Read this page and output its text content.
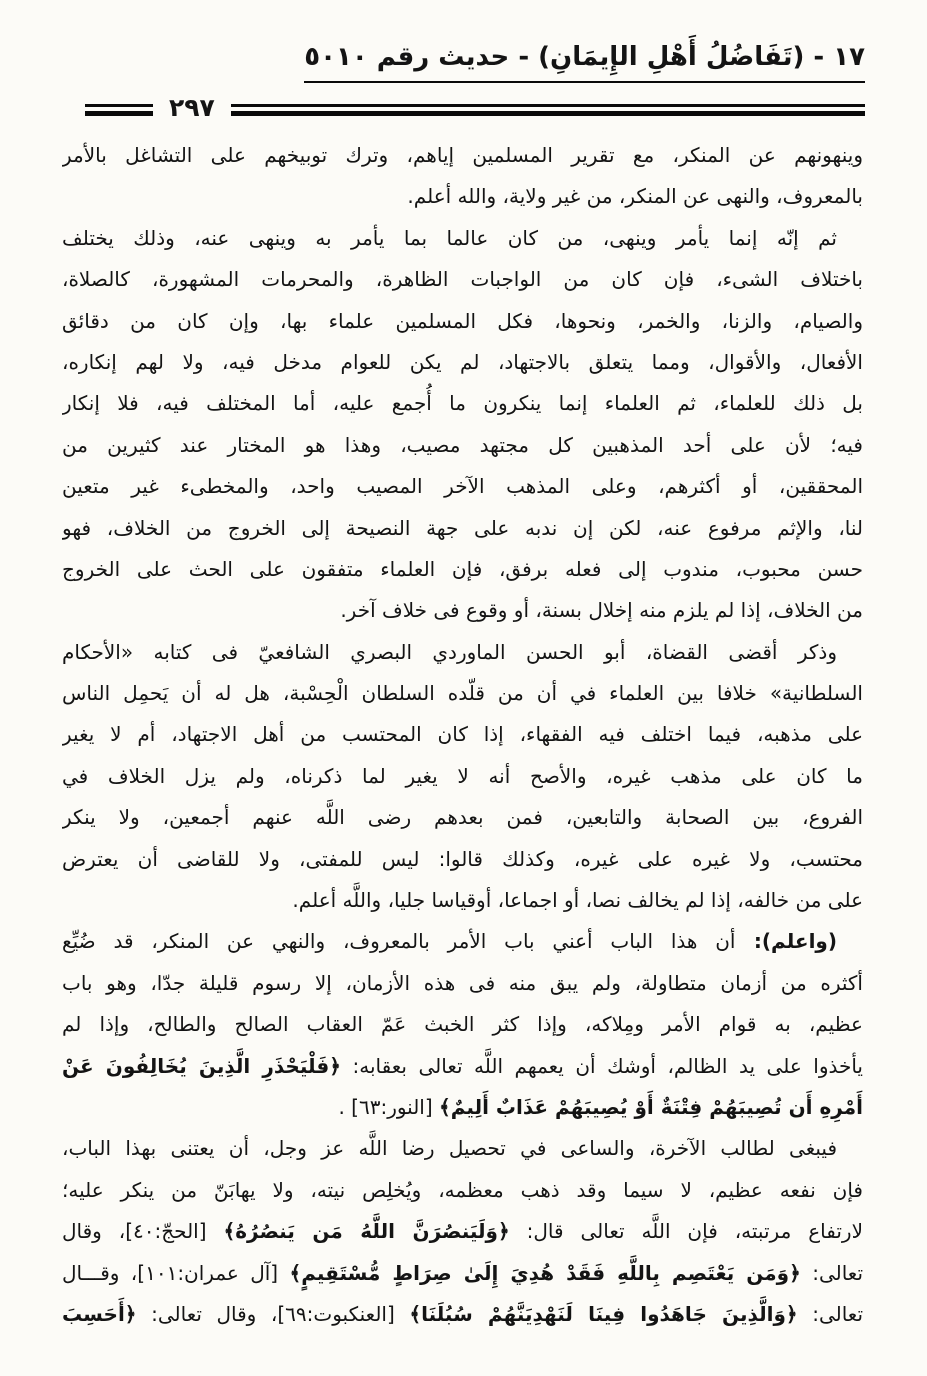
١٧ - (تَفَاضُلُ أَهْلِ الإِيمَانِ) - حديث رقم ٥٠١٠
٢٩٧
وينهونهم عن المنكر، مع تقرير المسلمين إياهم، وترك توبيخهم على التشاغل بالأمر
بالمعروف، والنهى عن المنكر، من غير ولاية، والله أعلم.
ثم إنّه إنما يأمر وينهى، من كان عالما بما يأمر به وينهى عنه، وذلك يختلف
باختلاف الشىء، فإن كان من الواجبات الظاهرة، والمحرمات المشهورة، كالصلاة،
والصيام، والزنا، والخمر، ونحوها، فكل المسلمين علماء بها، وإن كان من دقائق
الأفعال، والأقوال، ومما يتعلق بالاجتهاد، لم يكن للعوام مدخل فيه، ولا لهم إنكاره،
بل ذلك للعلماء، ثم العلماء إنما ينكرون ما أُجمع عليه، أما المختلف فيه، فلا إنكار
فيه؛ لأن على أحد المذهبين كل مجتهد مصيب، وهذا هو المختار عند كثيرين من
المحققين، أو أكثرهم، وعلى المذهب الآخر المصيب واحد، والمخطىء غير متعين
لنا، والإثم مرفوع عنه، لكن إن ندبه على جهة النصيحة إلى الخروج من الخلاف، فهو
حسن محبوب، مندوب إلى فعله برفق، فإن العلماء متفقون على الحث على الخروج
من الخلاف، إذا لم يلزم منه إخلال بسنة، أو وقوع فى خلاف آخر.
وذكر أقضى القضاة، أبو الحسن الماوردي البصري الشافعيّ فى كتابه «الأحكام
السلطانية» خلافا بين العلماء في أن من قلّده السلطان الْحِسْبة، هل له أن يَحمِل الناس
على مذهبه، فيما اختلف فيه الفقهاء، إذا كان المحتسب من أهل الاجتهاد، أم لا يغير
ما كان على مذهب غيره، والأصح أنه لا يغير لما ذكرناه، ولم يزل الخلاف في
الفروع، بين الصحابة والتابعين، فمن بعدهم رضى اللَّه عنهم أجمعين، ولا ينكر
محتسب، ولا غيره على غيره، وكذلك قالوا: ليس للمفتى، ولا للقاضى أن يعترض
على من خالفه، إذا لم يخالف نصا، أو اجماعا، أوقياسا جليا، واللَّه أعلم.
(واعلم): أن هذا الباب أعني باب الأمر بالمعروف، والنهي عن المنكر، قد ضُيِّع
أكثره من أزمان متطاولة، ولم يبق منه فى هذه الأزمان، إلا رسوم قليلة جدّا، وهو باب
عظيم، به قوام الأمر ومِلاكه، وإذا كثر الخبث عَمّ العقاب الصالح والطالح، وإذا لم
يأخذوا على يد الظالم، أوشك أن يعمهم اللَّه تعالى بعقابه: ﴿فَلْيَحْذَرِ الَّذِينَ يُخَالِفُونَ عَنْ
أَمْرِهِ أَن تُصِيبَهُمْ فِتْنَةٌ أَوْ يُصِيبَهُمْ عَذَابٌ أَلِيمٌ﴾ [النور:٦٣] .
فيبغى لطالب الآخرة، والساعى في تحصيل رضا اللَّه عز وجل، أن يعتنى بهذا الباب،
فإن نفعه عظيم، لا سيما وقد ذهب معظمه، ويُخلِص نيته، ولا يهابَنّ من ينكر عليه؛
لارتفاع مرتبته، فإن اللَّه تعالى قال: ﴿وَلَيَنصُرَنَّ اللَّهُ مَن يَنصُرُهُ﴾ [الحجّ:٤٠]، وقال
تعالى: ﴿وَمَن يَعْتَصِم بِاللَّهِ فَقَدْ هُدِيَ إِلَىٰ صِرَاطٍ مُّسْتَقِيمٍ﴾ [آل عمران:١٠١]، وقـــال
تعالى: ﴿وَالَّذِينَ جَاهَدُوا فِينَا لَنَهْدِيَنَّهُمْ سُبُلَنَا﴾ [العنكبوت:٦٩]، وقال تعالى: ﴿أَحَسِبَ
